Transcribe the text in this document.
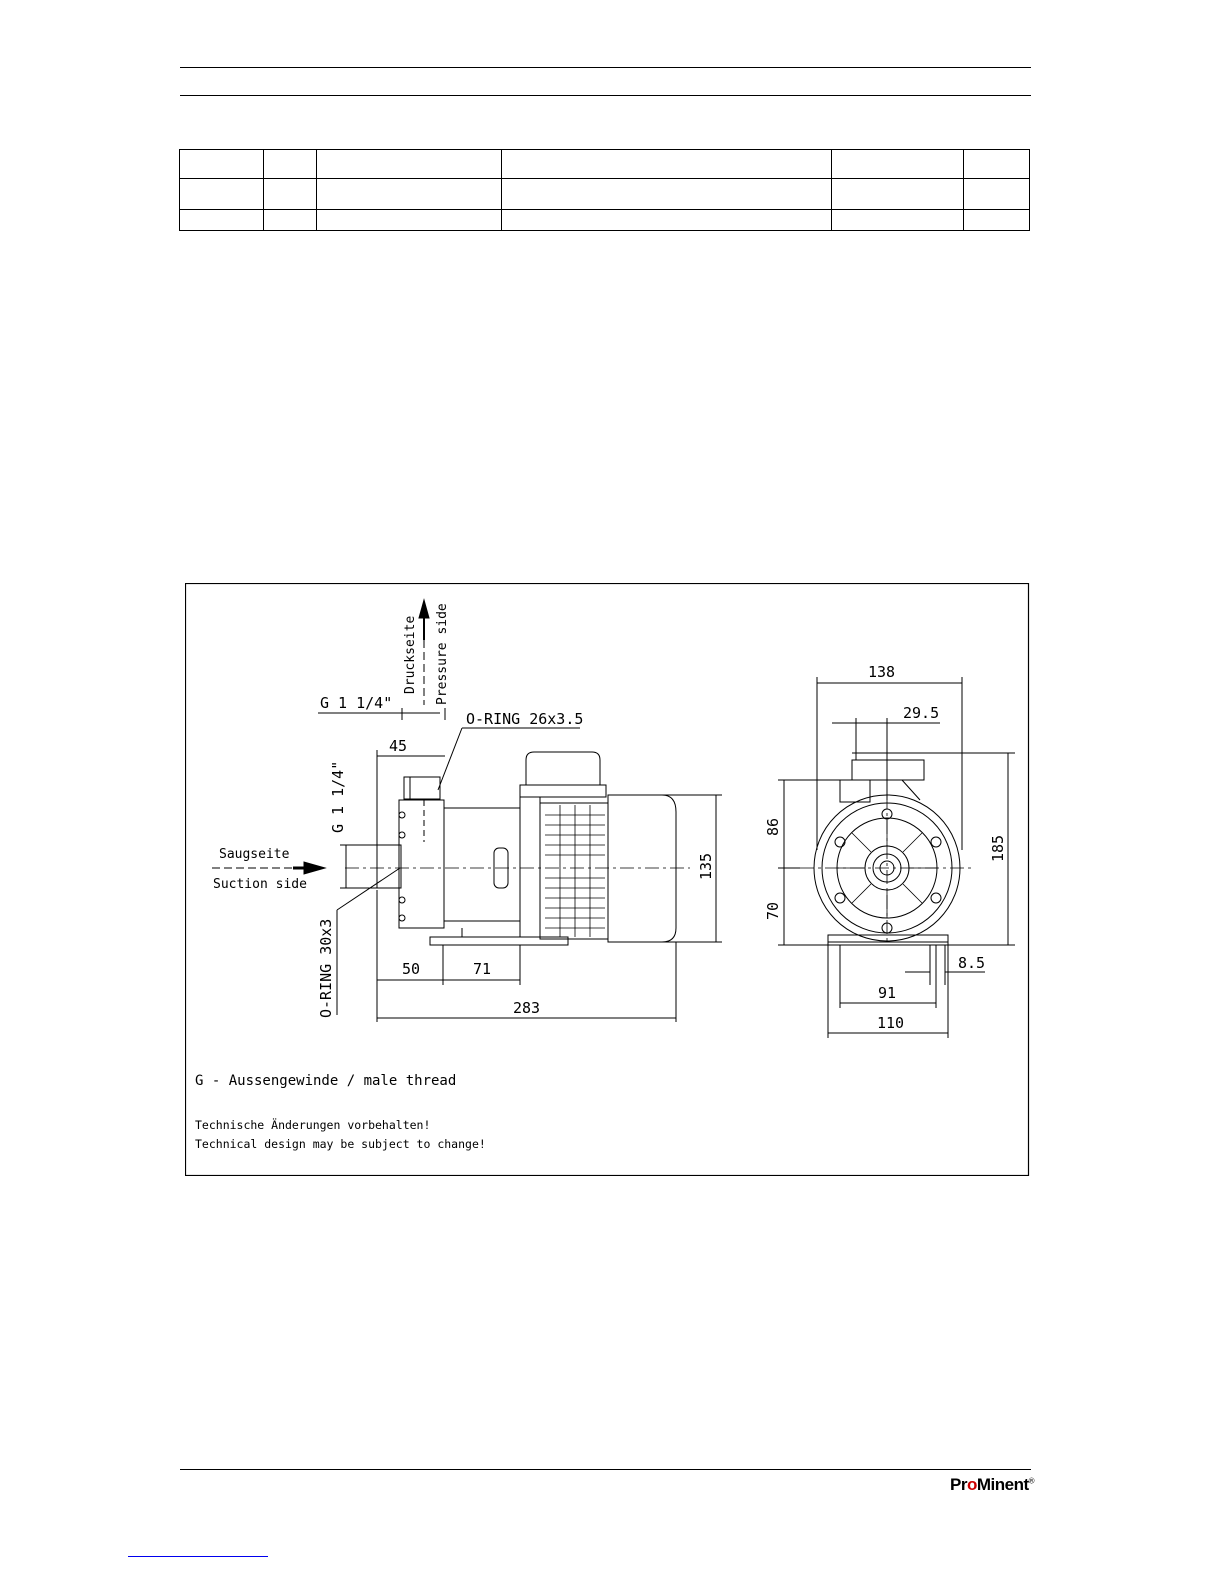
Druckseite Pressure side
G 1 1/4"
O-RING 26x3.5
45
G 1 1/4"
Saugseite
Suction side
O-RING 30x3
135
50	71
283
138
29.5
86
70
185
8.5
91
110
G - Aussengewinde / male thread
Technische Änderungen vorbehalten!
Technical design may be subject to change!
ProMinent®
